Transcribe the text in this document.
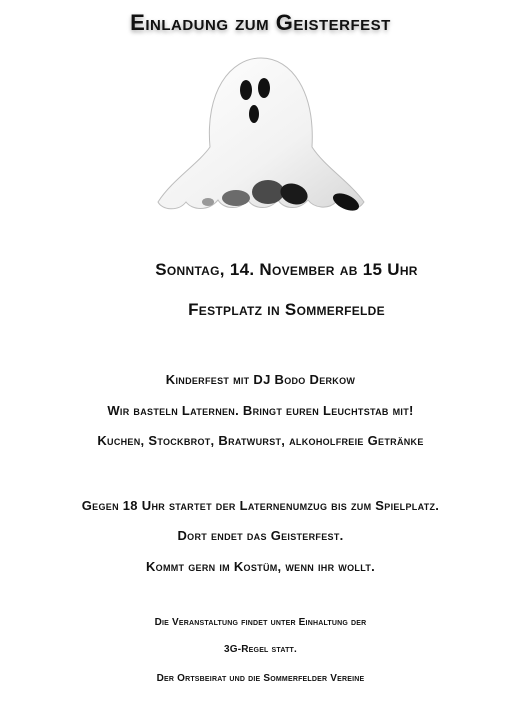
Einladung zum Geisterfest
Sonntag, 14. November ab 15 Uhr
Festplatz in Sommerfelde
Kinderfest mit DJ Bodo Derkow
Wir basteln Laternen. Bringt euren Leuchtstab mit!
Kuchen, Stockbrot, Bratwurst, alkoholfreie Getränke
Gegen 18 Uhr startet der Laternenumzug bis zum Spielplatz.
Dort endet das Geisterfest.
Kommt gern im Kostüm, wenn ihr wollt.
Die Veranstaltung findet unter Einhaltung der
3G-Regel statt.
Der Ortsbeirat und die Sommerfelder Vereine
